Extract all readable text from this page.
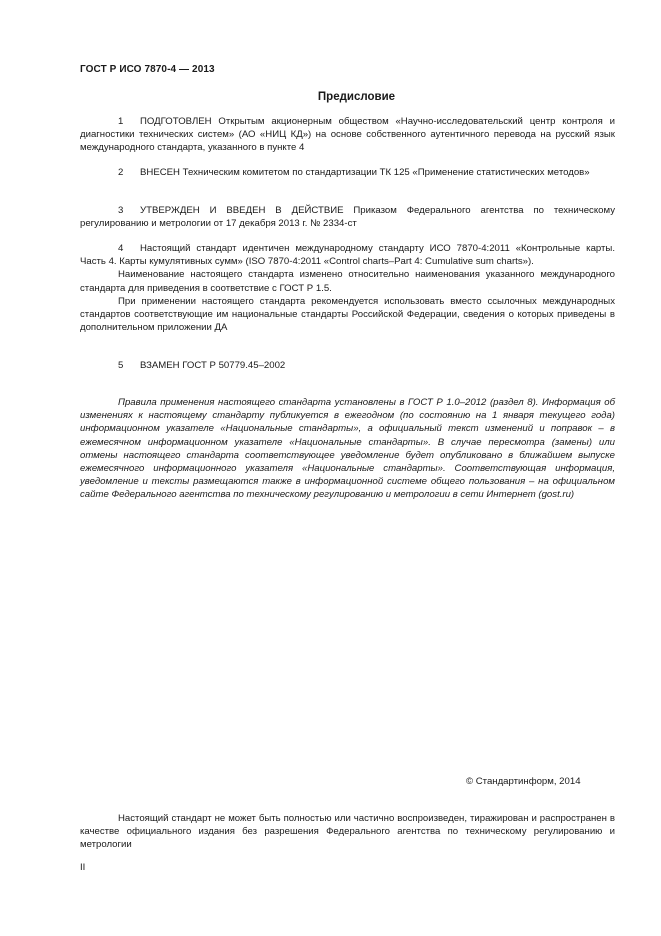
ГОСТ Р ИСО 7870-4 — 2013
Предисловие

1 ПОДГОТОВЛЕН Открытым акционерным обществом «Научно-исследовательский центр контроля и диагностики технических систем» (АО «НИЦ КД») на основе собственного аутентичного перевода на русский язык международного стандарта, указанного в пункте 4

2 ВНЕСЕН Техническим комитетом по стандартизации ТК 125 «Применение статистических методов»

3 УТВЕРЖДЕН И ВВЕДЕН В ДЕЙСТВИЕ Приказом Федерального агентства по техническому регулированию и метрологии от 17 декабря 2013 г. № 2334-ст

4 Настоящий стандарт идентичен международному стандарту ИСО 7870-4:2011 «Контрольные карты. Часть 4. Карты кумулятивных сумм» (ISO 7870-4:2011 «Control charts–Part 4: Cumulative sum charts»).

Наименование настоящего стандарта изменено относительно наименования указанного международного стандарта для приведения в соответствие с ГОСТ Р 1.5.

При применении настоящего стандарта рекомендуется использовать вместо ссылочных международных стандартов соответствующие им национальные стандарты Российской Федерации, сведения о которых приведены в дополнительном приложении ДА

5 ВЗАМЕН ГОСТ Р 50779.45–2002

Правила применения настоящего стандарта установлены в ГОСТ Р 1.0–2012 (раздел 8). Информация об изменениях к настоящему стандарту публикуется в ежегодном (по состоянию на 1 января текущего года) информационном указателе «Национальные стандарты», а официальный текст изменений и поправок – в ежемесячном информационном указателе «Национальные стандарты». В случае пересмотра (замены) или отмены настоящего стандарта соответствующее уведомление будет опубликовано в ближайшем выпуске ежемесячного информационного указателя «Национальные стандарты». Соответствующая информация, уведомление и тексты размещаются также в информационной системе общего пользования – на официальном сайте Федерального агентства по техническому регулированию и метрологии в сети Интернет (gost.ru)

© Стандартинформ, 2014

Настоящий стандарт не может быть полностью или частично воспроизведен, тиражирован и распространен в качестве официального издания без разрешения Федерального агентства по техническому регулированию и метрологии

II
